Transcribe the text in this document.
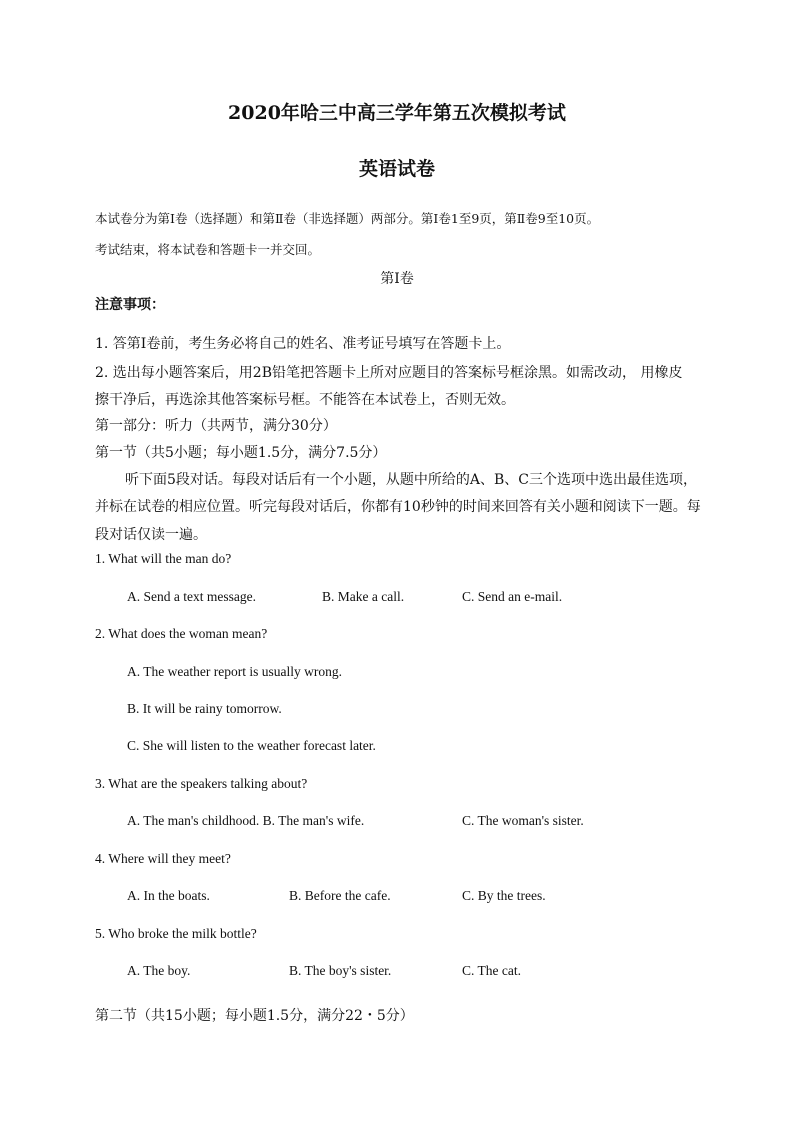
2020年哈三中高三学年第五次模拟考试
英语试卷
本试卷分为第Ⅰ卷（选择题）和第Ⅱ卷（非选择题）两部分。第Ⅰ卷1至9页，第Ⅱ卷9至10页。
考试结束，将本试卷和答题卡一并交回。
第Ⅰ卷
注意事项：
1. 答第Ⅰ卷前，考生务必将自己的姓名、准考证号填写在答题卡上。
2. 选出每小题答案后，用2B铅笔把答题卡上所对应题目的答案标号框涂黑。如需改动， 用橡皮
擦干净后，再选涂其他答案标号框。不能答在本试卷上，否则无效。
第一部分：听力（共两节，满分30分）
第一节（共5小题；每小题1.5分，满分7.5分）
听下面5段对话。每段对话后有一个小题，从题中所给的A、B、C三个选项中选出最佳选项，
并标在试卷的相应位置。听完每段对话后，你都有10秒钟的时间来回答有关小题和阅读下一题。每
段对话仅读一遍。
1. What will the man do?
A. Send a text message.	B. Make a call.	C. Send an e-mail.
2. What does the woman mean?
A. The weather report is usually wrong.
B. It will be rainy tomorrow.
C. She will listen to the weather forecast later.
3. What are the speakers talking about?
A. The man's childhood. B. The man's wife.	C. The woman's sister.
4. Where will they meet?
A. In the boats.	B. Before the cafe.	C. By the trees.
5. Who broke the milk bottle?
A. The boy.	B. The boy's sister.	C. The cat.
第二节（共15小题；每小题1.5分，满分22・5分）
